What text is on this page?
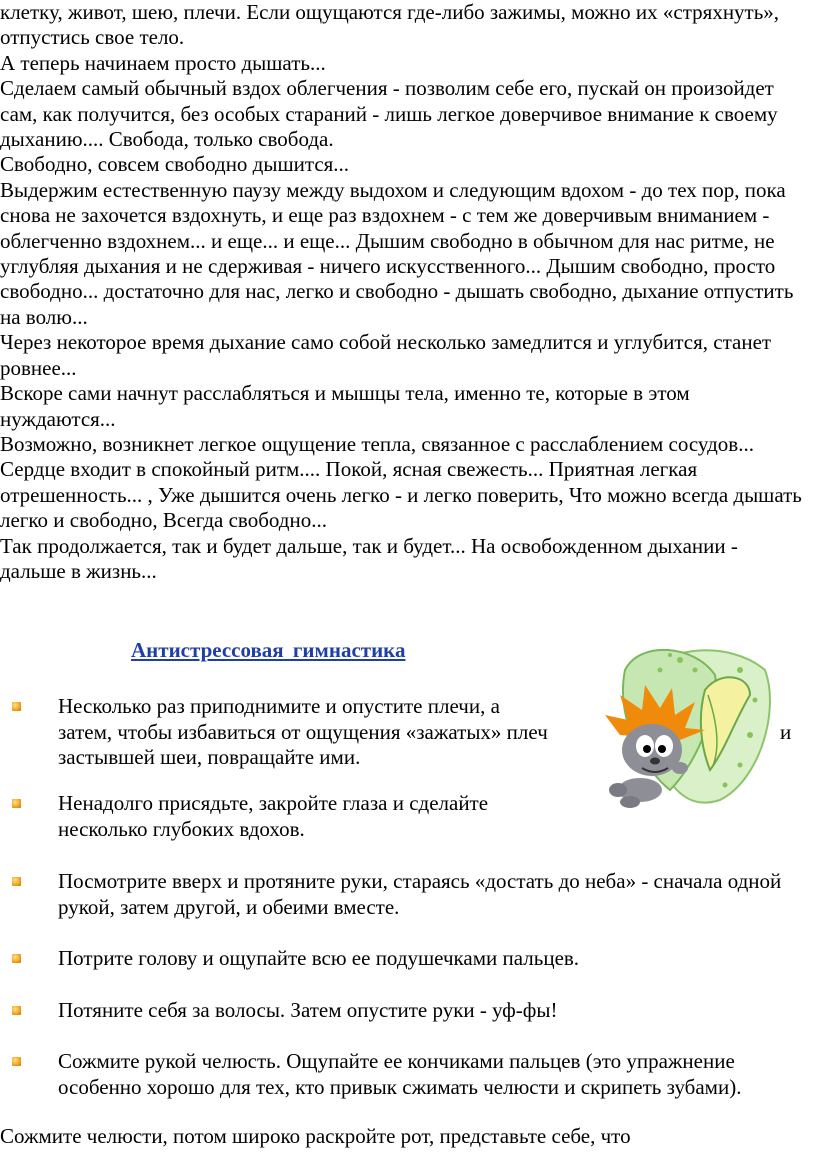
клетку, живот, шею, плечи. Если ощущаются где-либо зажимы, можно их «стряхнуть», отпустись свое тело.

А теперь начинаем просто дышать...

Сделаем самый обычный вздох облегчения - позволим себе его, пускай он произойдет сам, как получится, без особых стараний - лишь легкое доверчивое внимание к своему дыханию.... Свобода, только свобода.

Свободно, совсем свободно дышится...

Выдержим естественную паузу между выдохом и следующим вдохом - до тех пор, пока снова не захочется вздохнуть, и еще раз вздохнем - с тем же доверчивым вниманием - облегченно вздохнем... и еще... и еще... Дышим свободно в обычном для нас ритме, не углубляя дыхания и не сдерживая - ничего искусственного... Дышим свободно, просто свободно... достаточно для нас, легко и свободно - дышать свободно, дыхание отпустить на волю...

Через некоторое время дыхание само собой несколько замедлится и углубится, станет ровнее...

Вскоре сами начнут расслабляться и мышцы тела, именно те, которые в этом нуждаются...

Возможно, возникнет легкое ощущение тепла, связанное с расслаблением сосудов... Сердце входит в спокойный ритм.... Покой, ясная свежесть... Приятная легкая отрешенность... , Уже дышится очень легко - и легко поверить, Что можно всегда дышать легко и свободно, Всегда свободно...

Так продолжается, так и будет дальше, так и будет... На освобожденном дыхании - дальше в жизнь...

Антистрессовая гимнастика
Несколько раз приподнимите и опустите плечи, а
затем, чтобы избавиться от ощущения «зажатых» плеч	и
застывшей шеи, повращайте ими.
Ненадолго присядьте, закройте глаза и сделайте несколько глубоких вдохов.
Посмотрите вверх и протяните руки, стараясь «достать до неба» - сначала одной рукой, затем другой, и обеими вместе.
Потрите голову и ощупайте всю ее подушечками пальцев.
Потяните себя за волосы. Затем опустите руки - уф-фы!
Сожмите рукой челюсть. Ощупайте ее кончиками пальцев (это упражнение особенно хорошо для тех, кто привык сжимать челюсти и скрипеть зубами).

Сожмите челюсти, потом широко раскройте рот, представьте себе, что
